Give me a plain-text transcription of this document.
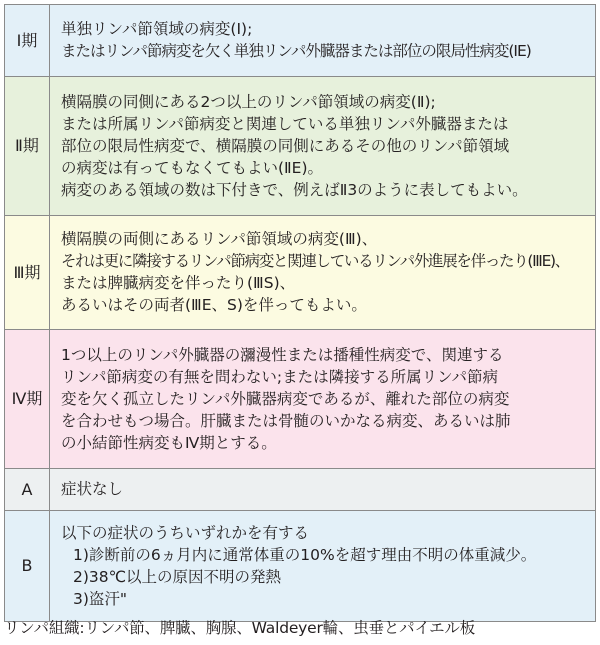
Ⅰ期	単独リンパ節領域の病変(Ⅰ);
またはリンパ節病変を欠く単独リンパ外臓器または部位の限局性病変(ⅠE)

Ⅱ期	横隔膜の同側にある2つ以上のリンパ節領域の病変(Ⅱ);
または所属リンパ節病変と関連している単独リンパ外臓器または
部位の限局性病変で、横隔膜の同側にあるその他のリンパ節領域
の病変は有ってもなくてもよい(ⅡE)。
病変のある領域の数は下付きで、例えばⅡ3のように表してもよい。

Ⅲ期	横隔膜の両側にあるリンパ節領域の病変(Ⅲ)、
それは更に隣接するリンパ節病変と関連しているリンパ外進展を伴ったり(ⅢE)、
または脾臓病変を伴ったり(ⅢS)、
あるいはその両者(ⅢE、S)を伴ってもよい。

Ⅳ期	1つ以上のリンパ外臓器の瀰漫性または播種性病変で、関連する
リンパ節病変の有無を問わない;または隣接する所属リンパ節病
変を欠く孤立したリンパ外臓器病変であるが、離れた部位の病変
を合わせもつ場合。肝臓または骨髄のいかなる病変、あるいは肺
の小結節性病変もⅣ期とする。

A	症状なし

B	以下の症状のうちいずれかを有する
1)診断前の6ヵ月内に通常体重の10%を超す理由不明の体重減少。
2)38℃以上の原因不明の発熱
3)盗汗"
リンパ組織:リンパ節、脾臓、胸腺、Waldeyer輪、虫垂とパイエル板
